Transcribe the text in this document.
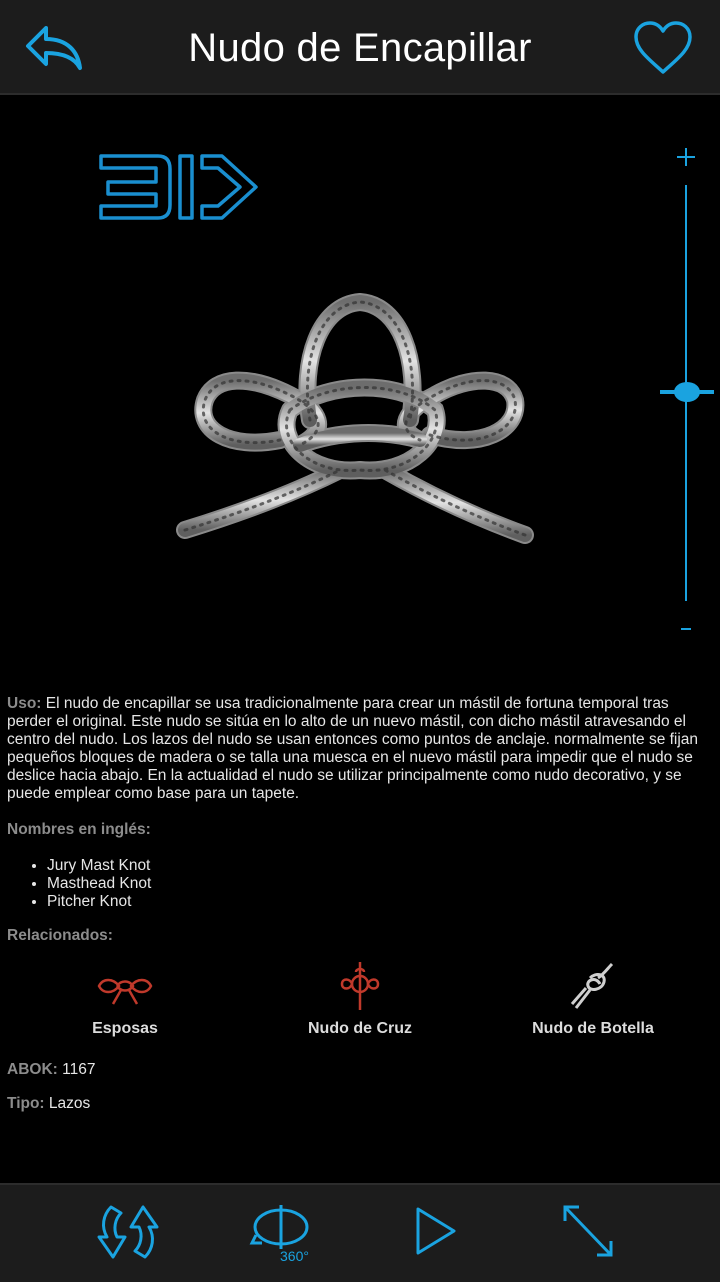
Nudo de Encapillar

Uso: El nudo de encapillar se usa tradicionalmente para crear un mástil de fortuna temporal tras perder el original. Este nudo se sitúa en lo alto de un nuevo mástil, con dicho mástil atravesando el centro del nudo. Los lazos del nudo se usan entonces como puntos de anclaje. normalmente se fijan pequeños bloques de madera o se talla una muesca en el nuevo mástil para impedir que el nudo se deslice hacia abajo. En la actualidad el nudo se utilizar principalmente como nudo decorativo, y se puede emplear como base para un tapete.

Nombres en inglés:
• Jury Mast Knot
• Masthead Knot
• Pitcher Knot
Relacionados:
Esposas	Nudo de Cruz	Nudo de Botella
ABOK: 1167
Tipo: Lazos
360°
